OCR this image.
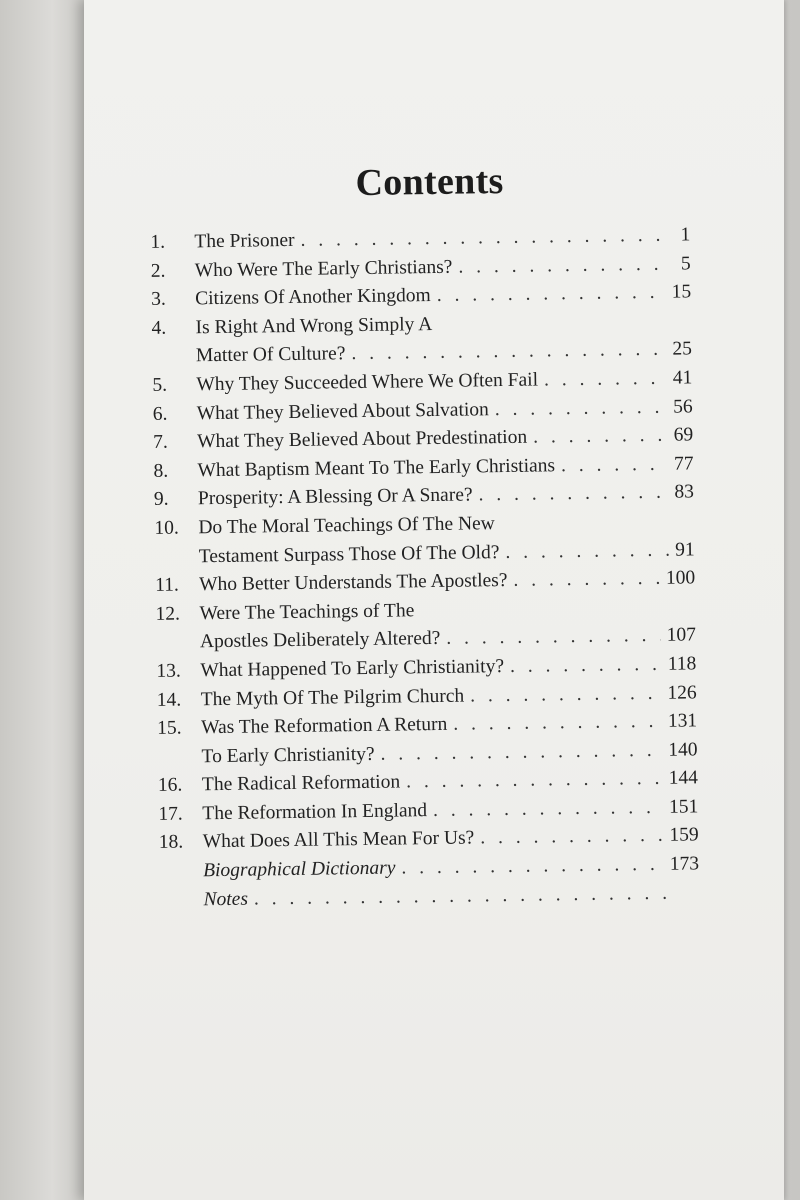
Contents
1.	The Prisoner . . .	1
2.	Who Were The Early Christians? . . .	5
3.	Citizens Of Another Kingdom . . .	15
4.	Is Right And Wrong Simply A
Matter Of Culture? . . .	25
5.	Why They Succeeded Where We Often Fail . . .	41
6.	What They Believed About Salvation . . .	56
7.	What They Believed About Predestination . . .	69
8.	What Baptism Meant To The Early Christians . . .	77
9.	Prosperity: A Blessing Or A Snare? . . .	83
10. Do The Moral Teachings Of The New
Testament Surpass Those Of The Old? . . .	91
11.	Who Better Understands The Apostles? . . .	100
12. Were The Teachings of The
Apostles Deliberately Altered? . . .	107
13. What Happened To Early Christianity? . . .	118
14. The Myth Of The Pilgrim Church . . .	126
15. Was The Reformation A Return . . .	131
To Early Christianity? . . .	140
16. The Radical Reformation . . .	144
17. The Reformation In England . . .	151
18. What Does All This Mean For Us? . . .	159
Biographical Dictionary . . .	173
Notes
. . .
